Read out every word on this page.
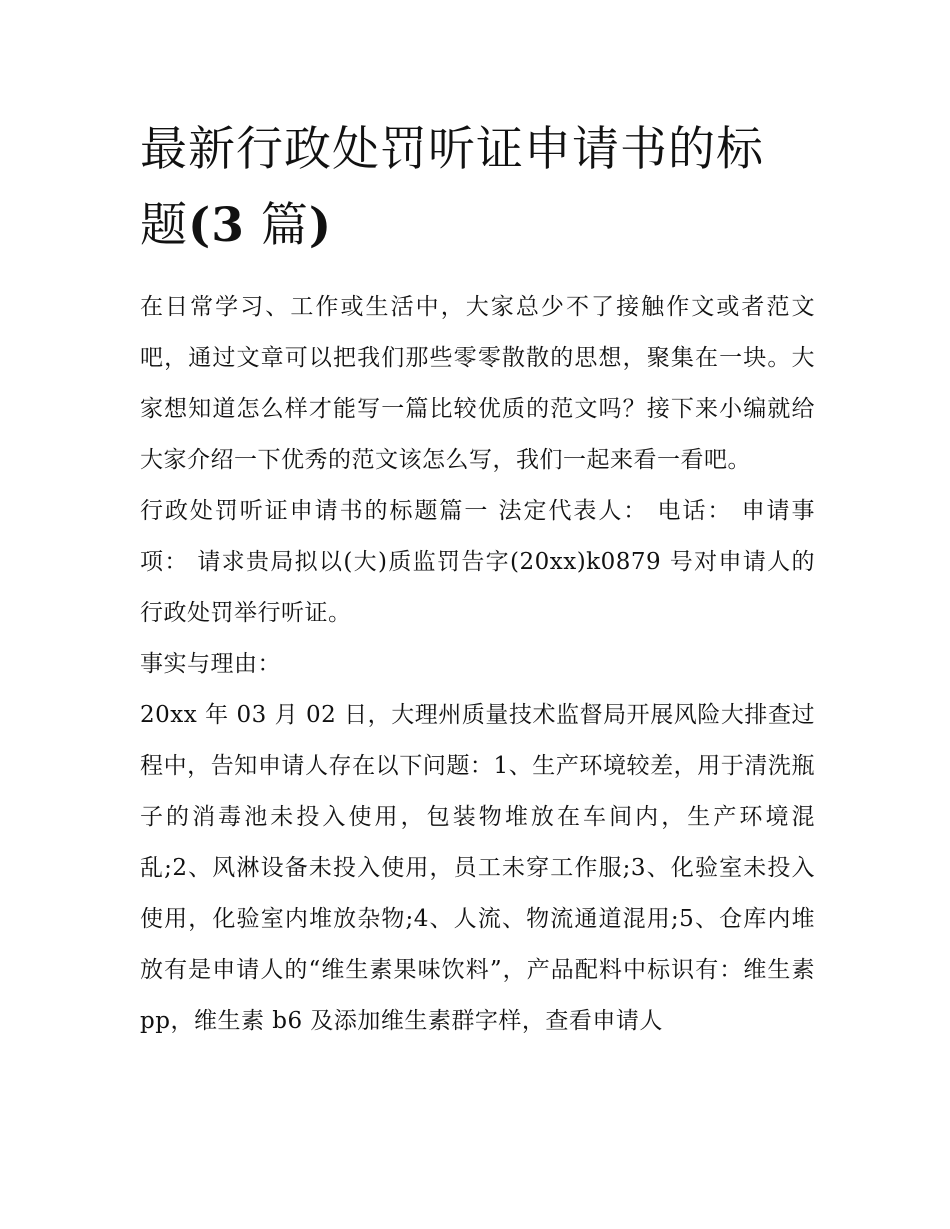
最新行政处罚听证申请书的标
题(3 篇)

在日常学习、工作或生活中，大家总少不了接触作文或者范文吧，通过文章可以把我们那些零零散散的思想，聚集在一块。大家想知道怎么样才能写一篇比较优质的范文吗？接下来小编就给大家介绍一下优秀的范文该怎么写，我们一起来看一看吧。

行政处罚听证申请书的标题篇一 法定代表人： 电话： 申请事项： 请求贵局拟以(大)质监罚告字(20xx)k0879 号对申请人的行政处罚举行听证。

事实与理由：

20xx 年 03 月 02 日，大理州质量技术监督局开展风险大排查过程中，告知申请人存在以下问题：1、生产环境较差，用于清洗瓶子的消毒池未投入使用，包装物堆放在车间内，生产环境混乱;2、风淋设备未投入使用，员工未穿工作服;3、化验室未投入使用，化验室内堆放杂物;4、人流、物流通道混用;5、仓库内堆放有是申请人的“维生素果味饮料”，产品配料中标识有：维生素 pp，维生素 b6 及添加维生素群字样，查看申请人
